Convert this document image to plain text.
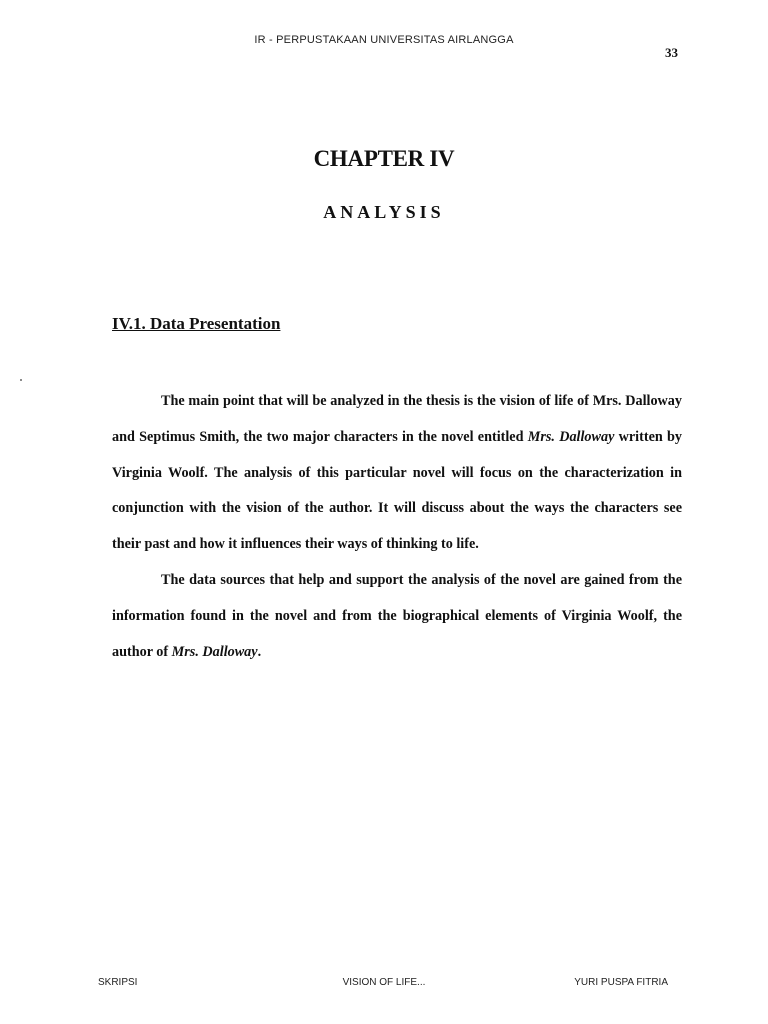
IR - PERPUSTAKAAN UNIVERSITAS AIRLANGGA
33
CHAPTER IV
ANALYSIS
IV.1. Data Presentation

The main point that will be analyzed in the thesis is the vision of life of Mrs. Dalloway and Septimus Smith, the two major characters in the novel entitled Mrs. Dalloway written by Virginia Woolf. The analysis of this particular novel will focus on the characterization in conjunction with the vision of the author. It will discuss about the ways the characters see their past and how it influences their ways of thinking to life.

The data sources that help and support the analysis of the novel are gained from the information found in the novel and from the biographical elements of Virginia Woolf, the author of Mrs. Dalloway.

SKRIPSI	VISION OF LIFE...	YURI PUSPA FITRIA
